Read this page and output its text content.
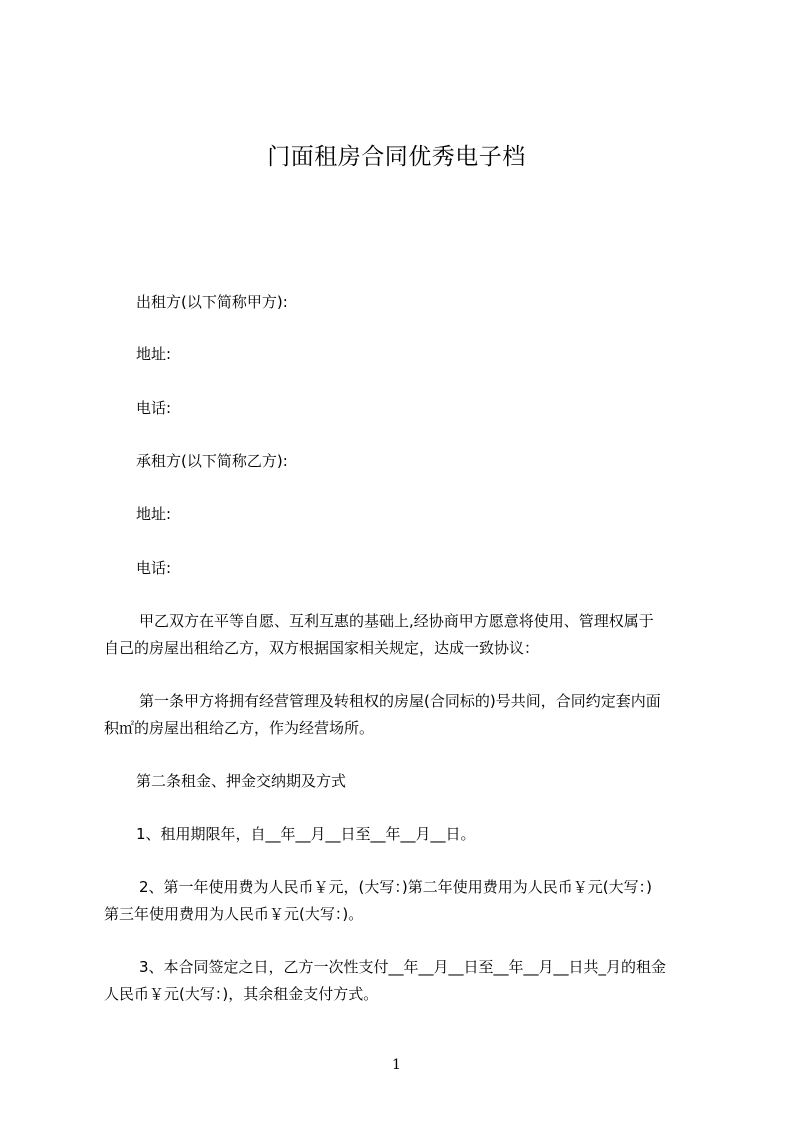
门面租房合同优秀电子档
出租方(以下简称甲方):
地址:
电话:
承租方(以下简称乙方):
地址:
电话:
甲乙双方在平等自愿、互利互惠的基础上,经协商甲方愿意将使用、管理权属于
自己的房屋出租给乙方，双方根据国家相关规定，达成一致协议：
第一条甲方将拥有经营管理及转租权的房屋(合同标的)号共间，合同约定套内面
积㎡的房屋出租给乙方，作为经营场所。
第二条租金、押金交纳期及方式
1、租用期限年，自__年__月__日至__年__月__日。
2、第一年使用费为人民币￥元，(大写：)第二年使用费用为人民币￥元(大写：)
第三年使用费用为人民币￥元(大写：)。
3、本合同签定之日，乙方一次性支付__年__月__日至__年__月__日共_月的租金
人民币￥元(大写：)，其余租金支付方式。
1
